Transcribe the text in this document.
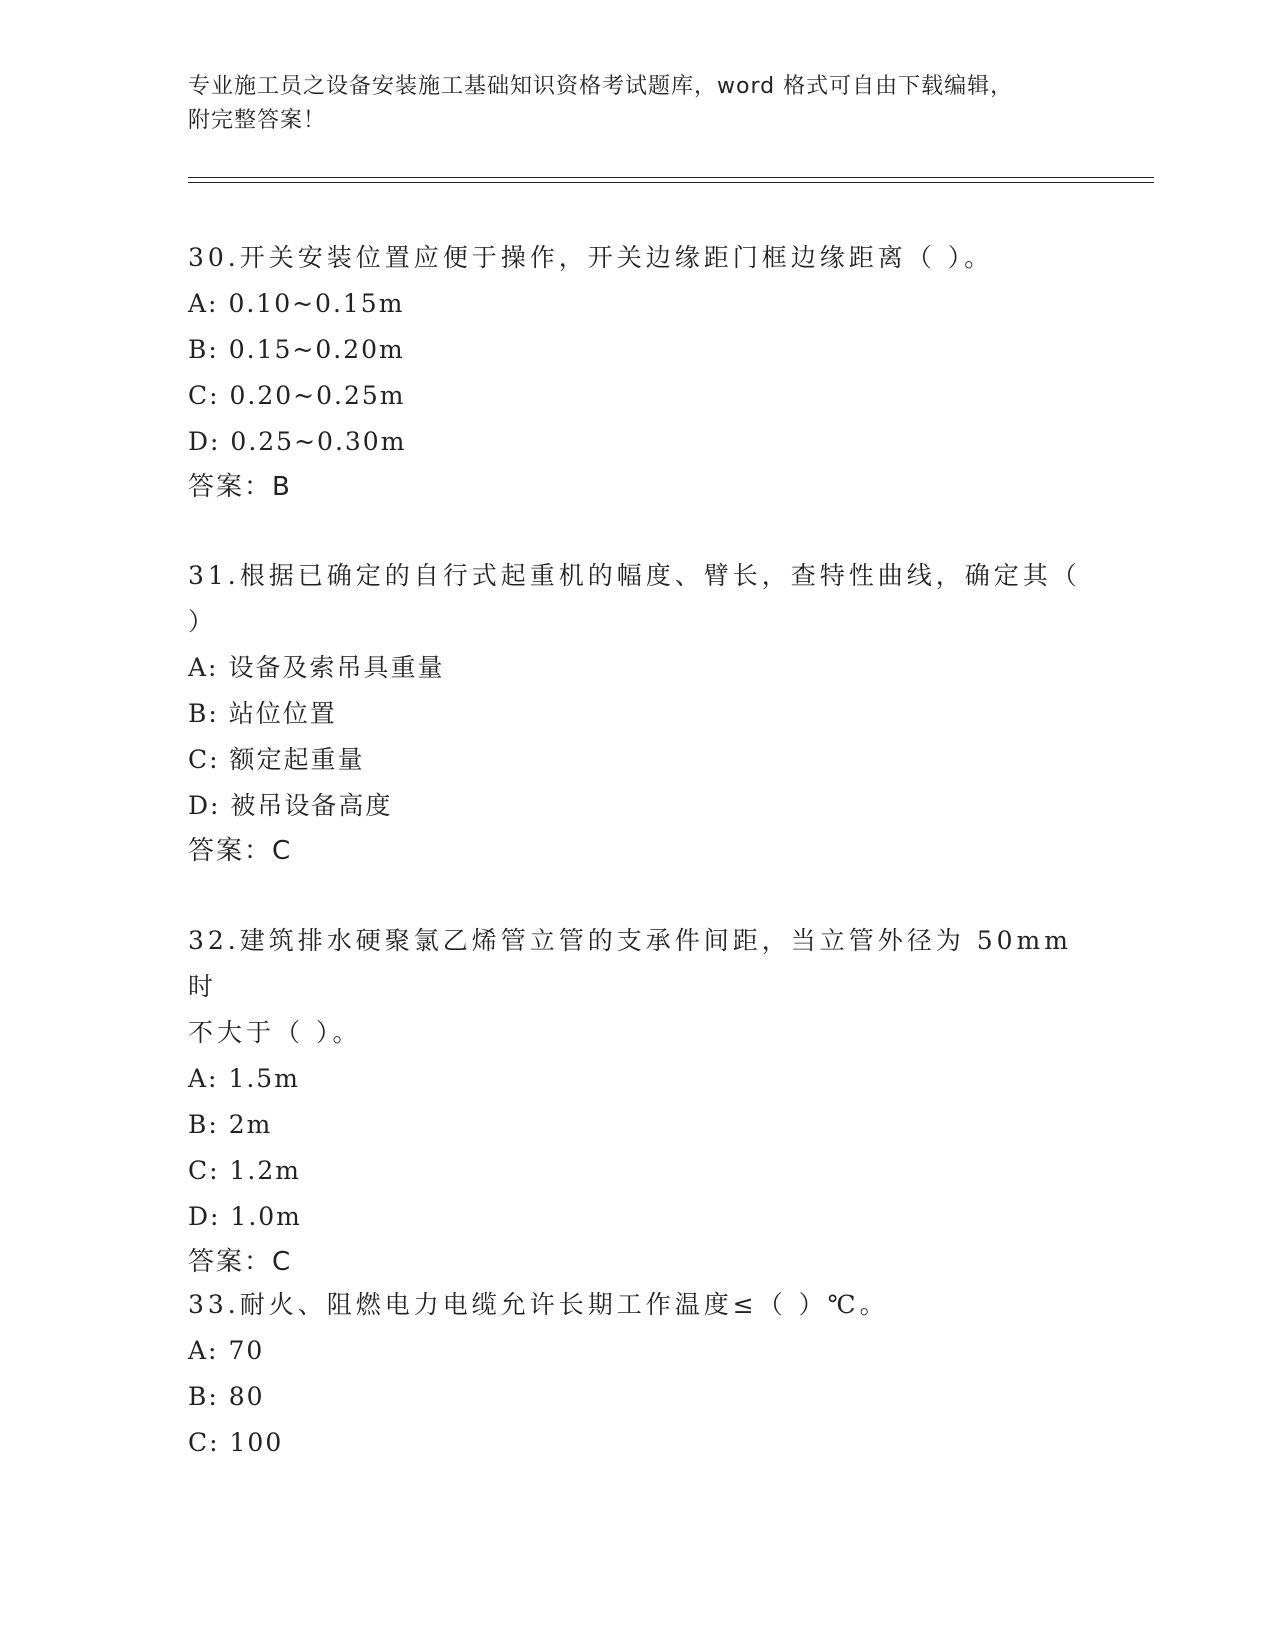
专业施工员之设备安装施工基础知识资格考试题库，word 格式可自由下载编辑，
附完整答案！

30.开关安装位置应便于操作，开关边缘距门框边缘距离（ ）。

A: 0.10~0.15m

B: 0.15~0.20m

C: 0.20~0.25m

D: 0.25~0.30m

答案：B

31.根据已确定的自行式起重机的幅度、臂长，查特性曲线，确定其（

）

A: 设备及索吊具重量

B: 站位位置

C: 额定起重量

D: 被吊设备高度

答案：C

32.建筑排水硬聚氯乙烯管立管的支承件间距，当立管外径为 50mm 时

不大于（ ）。

A: 1.5m

B: 2m

C: 1.2m

D: 1.0m

答案：C

33.耐火、阻燃电力电缆允许长期工作温度≤（ ）℃。

A: 70

B: 80

C: 100
